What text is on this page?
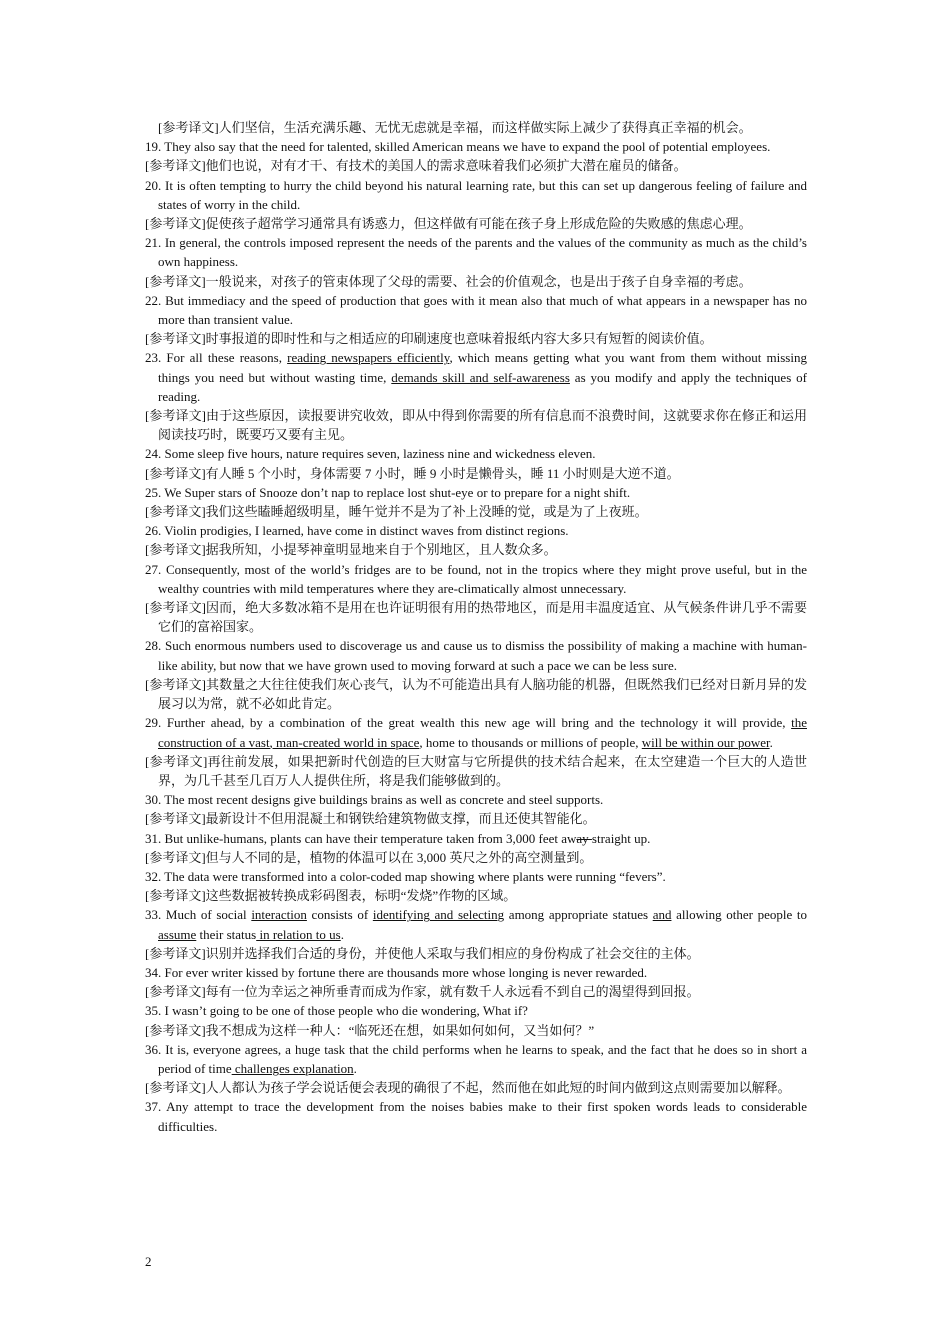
[参考译文]人们坚信，生活充满乐趣、无忧无虑就是幸福，而这样做实际上减少了获得真正幸福的机会。
19. They also say that the need for talented, skilled American means we have to expand the pool of potential employees.
[参考译文]他们也说，对有才干、有技术的美国人的需求意味着我们必须扩大潜在雇员的储备。
20. It is often tempting to hurry the child beyond his natural learning rate, but this can set up dangerous feeling of failure and states of worry in the child.
[参考译文]促使孩子超常学习通常具有诱惑力，但这样做有可能在孩子身上形成危险的失败感的焦虑心理。
21. In general, the controls imposed represent the needs of the parents and the values of the community as much as the child’s own happiness.
[参考译文]一般说来，对孩子的管束体现了父母的需要、社会的价值观念，也是出于孩子自身幸福的考虑。
22. But immediacy and the speed of production that goes with it mean also that much of what appears in a newspaper has no more than transient value.
[参考译文]时事报道的即时性和与之相适应的印刷速度也意味着报纸内容大多只有短暂的阅读价值。
23. For all these reasons, reading newspapers efficiently, which means getting what you want from them without missing things you need but without wasting time, demands skill and self-awareness as you modify and apply the techniques of reading.
[参考译文]由于这些原因，读报要讲究收效，即从中得到你需要的所有信息而不浪费时间，这就要求你在修正和运用阅读技巧时，既要巧又要有主见。
24. Some sleep five hours, nature requires seven, laziness nine and wickedness eleven.
[参考译文]有人睡 5 个小时，身体需要 7 小时，睡 9 小时是懒骨头，睡 11 小时则是大逆不道。
25. We Super stars of Snooze don’t nap to replace lost shut-eye or to prepare for a night shift.
[参考译文]我们这些瞌睡超级明星，睡午觉并不是为了补上没睡的觉，或是为了上夜班。
26. Violin prodigies, I learned, have come in distinct waves from distinct regions.
[参考译文]据我所知，小提琴神童明显地来自于个别地区，且人数众多。
27. Consequently, most of the world’s fridges are to be found, not in the tropics where they might prove useful, but in the wealthy countries with mild temperatures where they are-climatically almost unnecessary.
[参考译文]因而，绝大多数冰箱不是用在也许证明很有用的热带地区，而是用丰温度适宜、从气候条件讲几乎不需要它们的富裕国家。
28. Such enormous numbers used to discoverage us and cause us to dismiss the possibility of making a machine with human-like ability, but now that we have grown used to moving forward at such a pace we can be less sure.
[参考译文]其数量之大往往使我们灰心丧气，认为不可能造出具有人脑功能的机器，但既然我们已经对日新月异的发展习以为常，就不必如此肯定。
29. Further ahead, by a combination of the great wealth this new age will bring and the technology it will provide, the construction of a vast, man-created world in space, home to thousands or millions of people, will be within our power.
[参考译文]再往前发展，如果把新时代创造的巨大财富与它所提供的技术结合起来，在太空建造一个巨大的人造世界，为几千甚至几百万人人提供住所，将是我们能够做到的。
30. The most recent designs give buildings brains as well as concrete and steel supports.
[参考译文]最新设计不但用混凝土和钢铁给建筑物做支撑，而且还使其智能化。
31. But unlike-humans, plants can have their temperature taken from 3,000 feet away straight up.
[参考译文]但与人不同的是，植物的体温可以在 3,000 英尺之外的高空测量到。
32. The data were transformed into a color-coded map showing where plants were running “fevers”.
[参考译文]这些数据被转换成彩码图表，标明“发烧”作物的区域。
33. Much of social interaction consists of identifying and selecting among appropriate statues and allowing other people to assume their status in relation to us.
[参考译文]识别并选择我们合适的身份，并使他人采取与我们相应的身份构成了社会交往的主体。
34. For ever writer kissed by fortune there are thousands more whose longing is never rewarded.
[参考译文]每有一位为幸运之神所垂青而成为作家，就有数千人永远看不到自己的渴望得到回报。
35. I wasn’t going to be one of those people who die wondering, What if?
[参考译文]我不想成为这样一种人：“临死还在想，如果如何如何，又当如何？”
36. It is, everyone agrees, a huge task that the child performs when he learns to speak, and the fact that he does so in short a period of time challenges explanation.
[参考译文]人人都认为孩子学会说话便会表现的确很了不起，然而他在如此短的时间内做到这点则需要加以解释。
37. Any attempt to trace the development from the noises babies make to their first spoken words leads to considerable difficulties.
2
